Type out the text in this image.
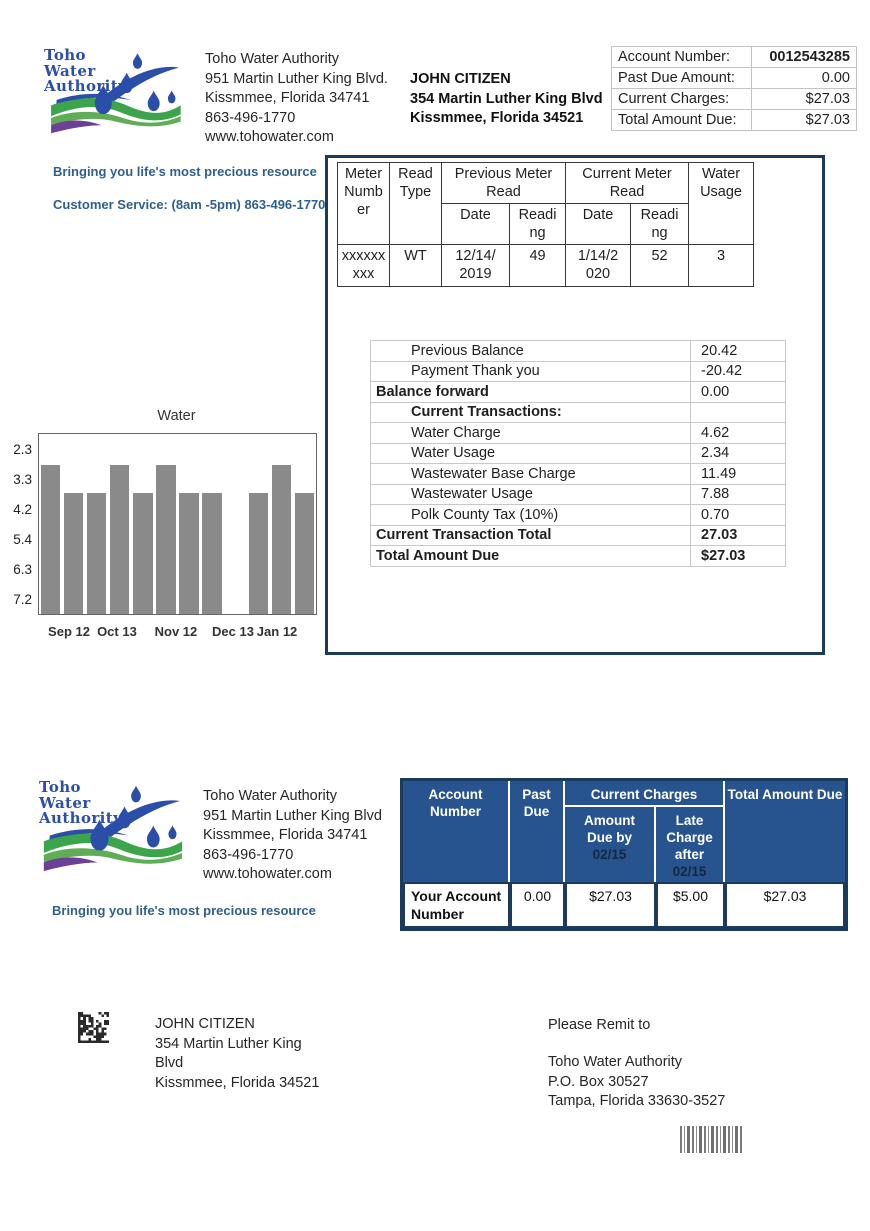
Toho
Water
Authority
Toho Water Authority
951 Martin Luther King Blvd.
Kissmmee, Florida 34741
863-496-1770
www.tohowater.com
JOHN CITIZEN
354 Martin Luther King Blvd
Kissmmee, Florida 34521
Account Number:	0012543285
Past Due Amount:	0.00
Current Charges:	$27.03
Total Amount Due:	$27.03
Bringing you life's most precious resource
Customer Service: (8am -5pm) 863-496-1770
Meter Number	Read Type	Previous Meter Read		Current Meter Read		Water Usage
		Date	Reading	Date	Reading	
xxxxxxxxx	WT	12/14/2019	49	1/14/2020	52	3
Previous Balance	20.42
Payment Thank you	-20.42
Balance forward	0.00
Current Transactions:	
Water Charge	4.62
Water Usage	2.34
Wastewater Base Charge	11.49
Wastewater Usage	7.88
Polk County Tax (10%)	0.70
Current Transaction Total	27.03
Total Amount Due	$27.03
Water
2.3
3.3
4.2
5.4
6.3
7.2
Sep 12 Oct 13 Nov 12 Dec 13 Jan 12
Toho
Water
Authority
Toho Water Authority
951 Martin Luther King Blvd
Kissmmee, Florida 34741
863-496-1770
www.tohowater.com
Bringing you life's most precious resource
Account Number	Past Due	Current Charges		Total Amount Due

Amount Due by
02/15

Late Charge after
02/15

Your Account Number	0.00	$27.03	$5.00	$27.03
JOHN CITIZEN
354 Martin Luther King
Blvd
Kissmmee, Florida 34521
Please Remit to
Toho Water Authority
P.O. Box 30527
Tampa, Florida 33630-3527
